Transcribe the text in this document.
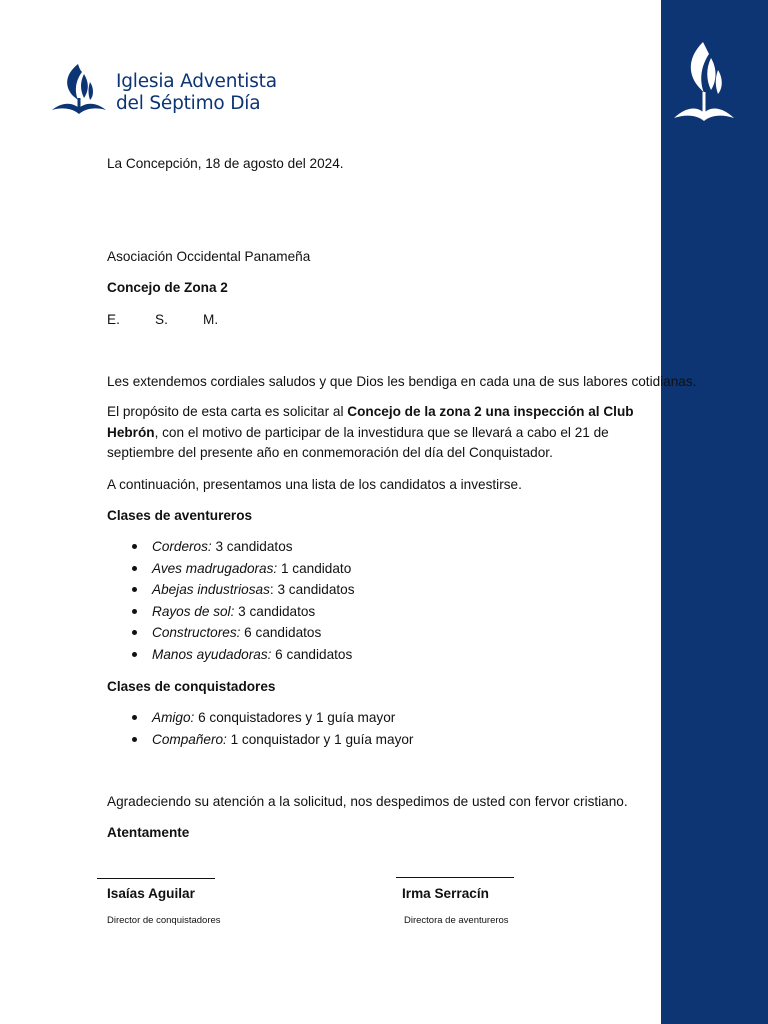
Iglesia Adventista
del Séptimo Día
La Concepción, 18 de agosto del 2024.
Asociación Occidental Panameña
Concejo de Zona 2
E.	S.	M.
Les extendemos cordiales saludos y que Dios les bendiga en cada una de sus labores cotidianas.
El propósito de esta carta es solicitar al Concejo de la zona 2 una inspección al Club Hebrón, con el motivo de participar de la investidura que se llevará a cabo el 21 de septiembre del presente año en conmemoración del día del Conquistador.
A continuación, presentamos una lista de los candidatos a investirse.
Clases de aventureros
Corderos: 3 candidatos
Aves madrugadoras: 1 candidato
Abejas industriosas: 3 candidatos
Rayos de sol: 3 candidatos
Constructores: 6 candidatos
Manos ayudadoras: 6 candidatos
Clases de conquistadores
Amigo: 6 conquistadores y 1 guía mayor
Compañero: 1 conquistador y 1 guía mayor
Agradeciendo su atención a la solicitud, nos despedimos de usted con fervor cristiano.
Atentamente
Isaías Aguilar
Director de conquistadores
Irma Serracín
Directora de aventureros
